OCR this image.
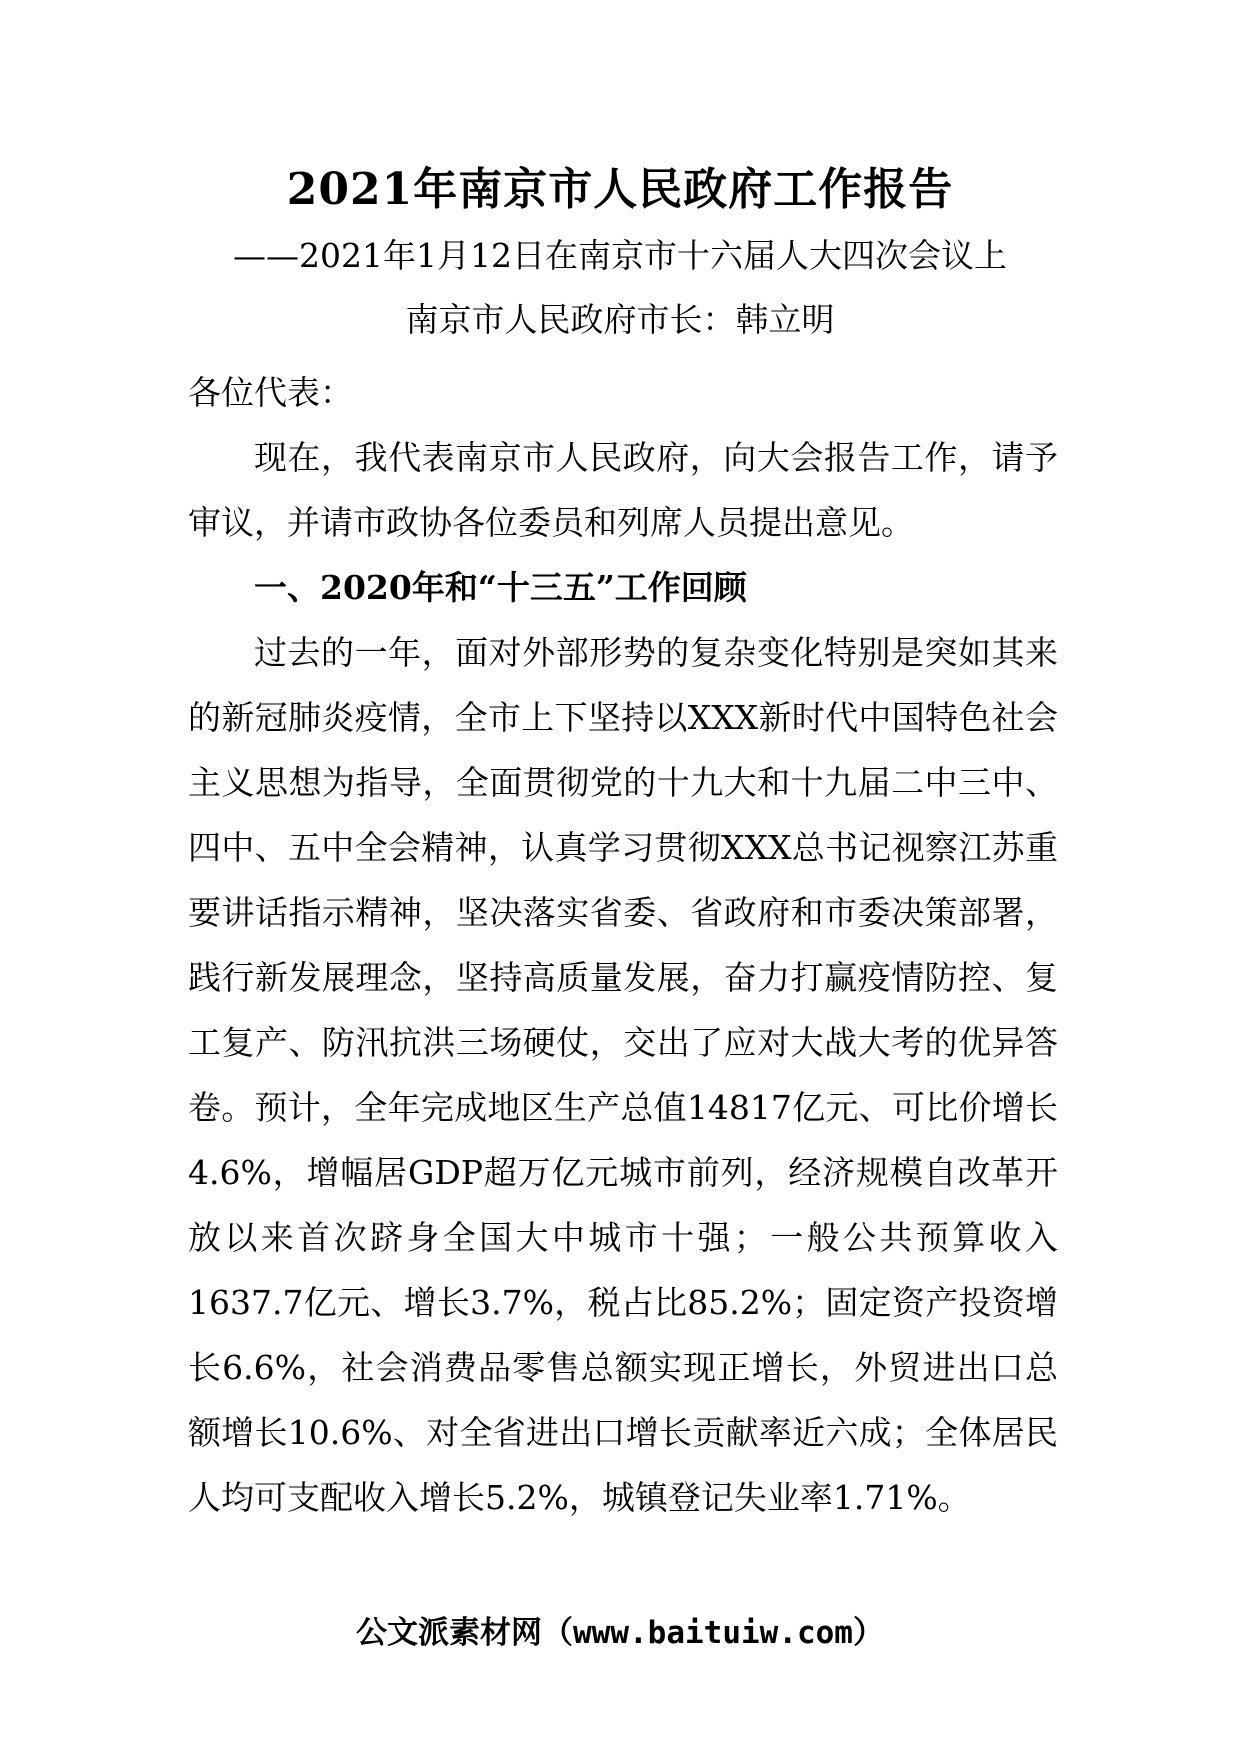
2021年南京市人民政府工作报告
——2021年1月12日在南京市十六届人大四次会议上
南京市人民政府市长：韩立明

各位代表：

现在，我代表南京市人民政府，向大会报告工作，请予审议，并请市政协各位委员和列席人员提出意见。

一、2020年和“十三五”工作回顾

过去的一年，面对外部形势的复杂变化特别是突如其来的新冠肺炎疫情，全市上下坚持以XXX新时代中国特色社会主义思想为指导，全面贯彻党的十九大和十九届二中三中、四中、五中全会精神，认真学习贯彻XXX总书记视察江苏重要讲话指示精神，坚决落实省委、省政府和市委决策部署，践行新发展理念，坚持高质量发展，奋力打赢疫情防控、复工复产、防汛抗洪三场硬仗，交出了应对大战大考的优异答卷。预计，全年完成地区生产总值14817亿元、可比价增长4.6%，增幅居GDP超万亿元城市前列，经济规模自改革开放以来首次跻身全国大中城市十强；一般公共预算收入1637.7亿元、增长3.7%，税占比85.2%；固定资产投资增长6.6%，社会消费品零售总额实现正增长，外贸进出口总额增长10.6%、对全省进出口增长贡献率近六成；全体居民人均可支配收入增长5.2%，城镇登记失业率1.71%。

公文派素材网（www.baituiw.com）
